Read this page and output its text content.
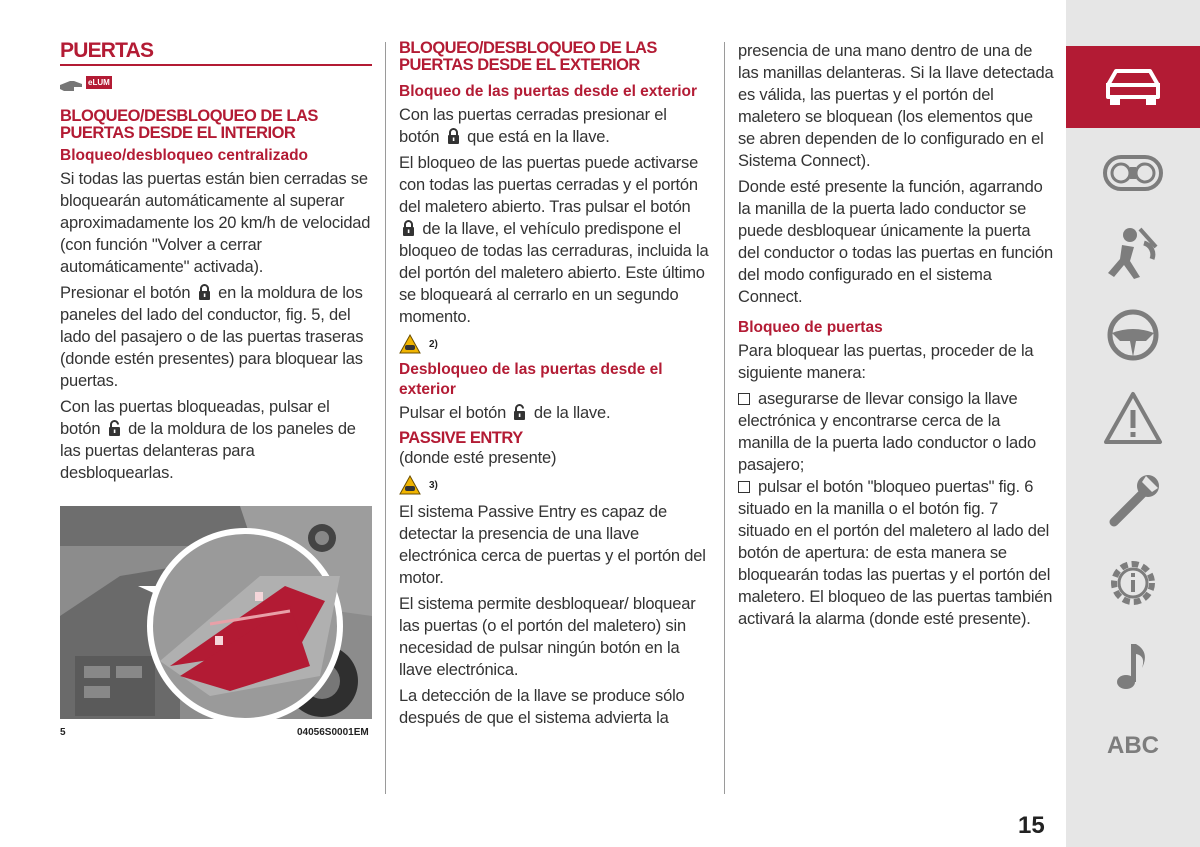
PUERTAS
eLUM
BLOQUEO/DESBLOQUEO DE LAS PUERTAS DESDE EL INTERIOR
Bloqueo/desbloqueo centralizado
Si todas las puertas están bien cerradas se bloquearán automáticamente al superar aproximadamente los 20 km/h de velocidad (con función "Volver a cerrar automáticamente" activada).
Presionar el botón en la moldura de los paneles del lado del conductor, fig. 5, del lado del pasajero o de las puertas traseras (donde estén presentes) para bloquear las puertas.
Con las puertas bloqueadas, pulsar el botón de la moldura de los paneles de las puertas delanteras para desbloquearlas.
5	04056S0001EM
BLOQUEO/DESBLOQUEO DE LAS PUERTAS DESDE EL EXTERIOR
Bloqueo de las puertas desde el exterior
Con las puertas cerradas presionar el botón que está en la llave.
El bloqueo de las puertas puede activarse con todas las puertas cerradas y el portón del maletero abierto. Tras pulsar el botón  de la llave, el vehículo predispone el bloqueo de todas las cerraduras, incluida la del portón del maletero abierto. Este último se bloqueará al cerrarlo en un segundo momento.
2)
Desbloqueo de las puertas desde el exterior
Pulsar el botón de la llave.
PASSIVE ENTRY
(donde esté presente)
3)
El sistema Passive Entry es capaz de detectar la presencia de una llave electrónica cerca de puertas y el portón del motor.
El sistema permite desbloquear/ bloquear las puertas (o el portón del maletero) sin necesidad de pulsar ningún botón en la llave electrónica.
La detección de la llave se produce sólo después de que el sistema advierta la
presencia de una mano dentro de una de las manillas delanteras. Si la llave detectada es válida, las puertas y el portón del maletero se bloquean (los elementos que se abren dependen de lo configurado en el Sistema Connect).
Donde esté presente la función, agarrando la manilla de la puerta lado conductor se puede desbloquear únicamente la puerta del conductor o todas las puertas en función del modo configurado en el sistema Connect.
Bloqueo de puertas
Para bloquear las puertas, proceder de la siguiente manera:
asegurarse de llevar consigo la llave electrónica y encontrarse cerca de la manilla de la puerta lado conductor o lado pasajero;
pulsar el botón "bloqueo puertas" fig. 6 situado en la manilla o el botón fig. 7 situado en el portón del maletero al lado del botón de apertura: de esta manera se bloquearán todas las puertas y el portón del maletero. El bloqueo de las puertas también activará la alarma (donde esté presente).
ABC
15
